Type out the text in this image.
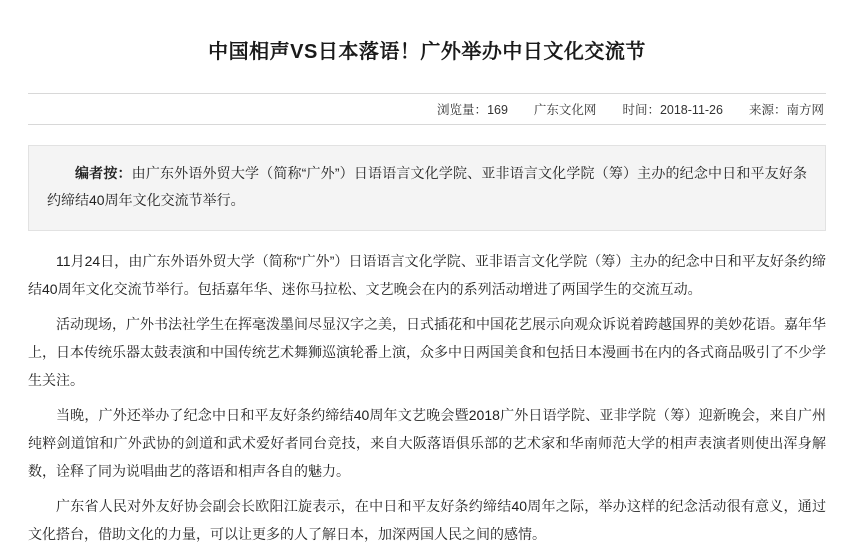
中国相声VS日本落语！广外举办中日文化交流节
浏览量：169 广东文化网 时间：2018-11-26 来源：南方网
编者按：由广东外语外贸大学（简称“广外”）日语语言文化学院、亚非语言文化学院（筹）主办的纪念中日和平友好条约缔结40周年文化交流节举行。

11月24日，由广东外语外贸大学（简称“广外”）日语语言文化学院、亚非语言文化学院（筹）主办的纪念中日和平友好条约缔结40周年文化交流节举行。包括嘉年华、迷你马拉松、文艺晚会在内的系列活动增进了两国学生的交流互动。

活动现场，广外书法社学生在挥毫泼墨间尽显汉字之美，日式插花和中国花艺展示向观众诉说着跨越国界的美妙花语。嘉年华上，日本传统乐器太鼓表演和中国传统艺术舞狮巡演轮番上演，众多中日两国美食和包括日本漫画书在内的各式商品吸引了不少学生关注。

当晚，广外还举办了纪念中日和平友好条约缔结40周年文艺晚会暨2018广外日语学院、亚非学院（筹）迎新晚会，来自广州纯粹剑道馆和广外武协的剑道和武术爱好者同台竞技，来自大阪落语俱乐部的艺术家和华南师范大学的相声表演者则使出浑身解数，诠释了同为说唱曲艺的落语和相声各自的魅力。

广东省人民对外友好协会副会长欧阳江旋表示，在中日和平友好条约缔结40周年之际，举办这样的纪念活动很有意义，通过文化搭台，借助文化的力量，可以让更多的人了解日本，加深两国人民之间的感情。
